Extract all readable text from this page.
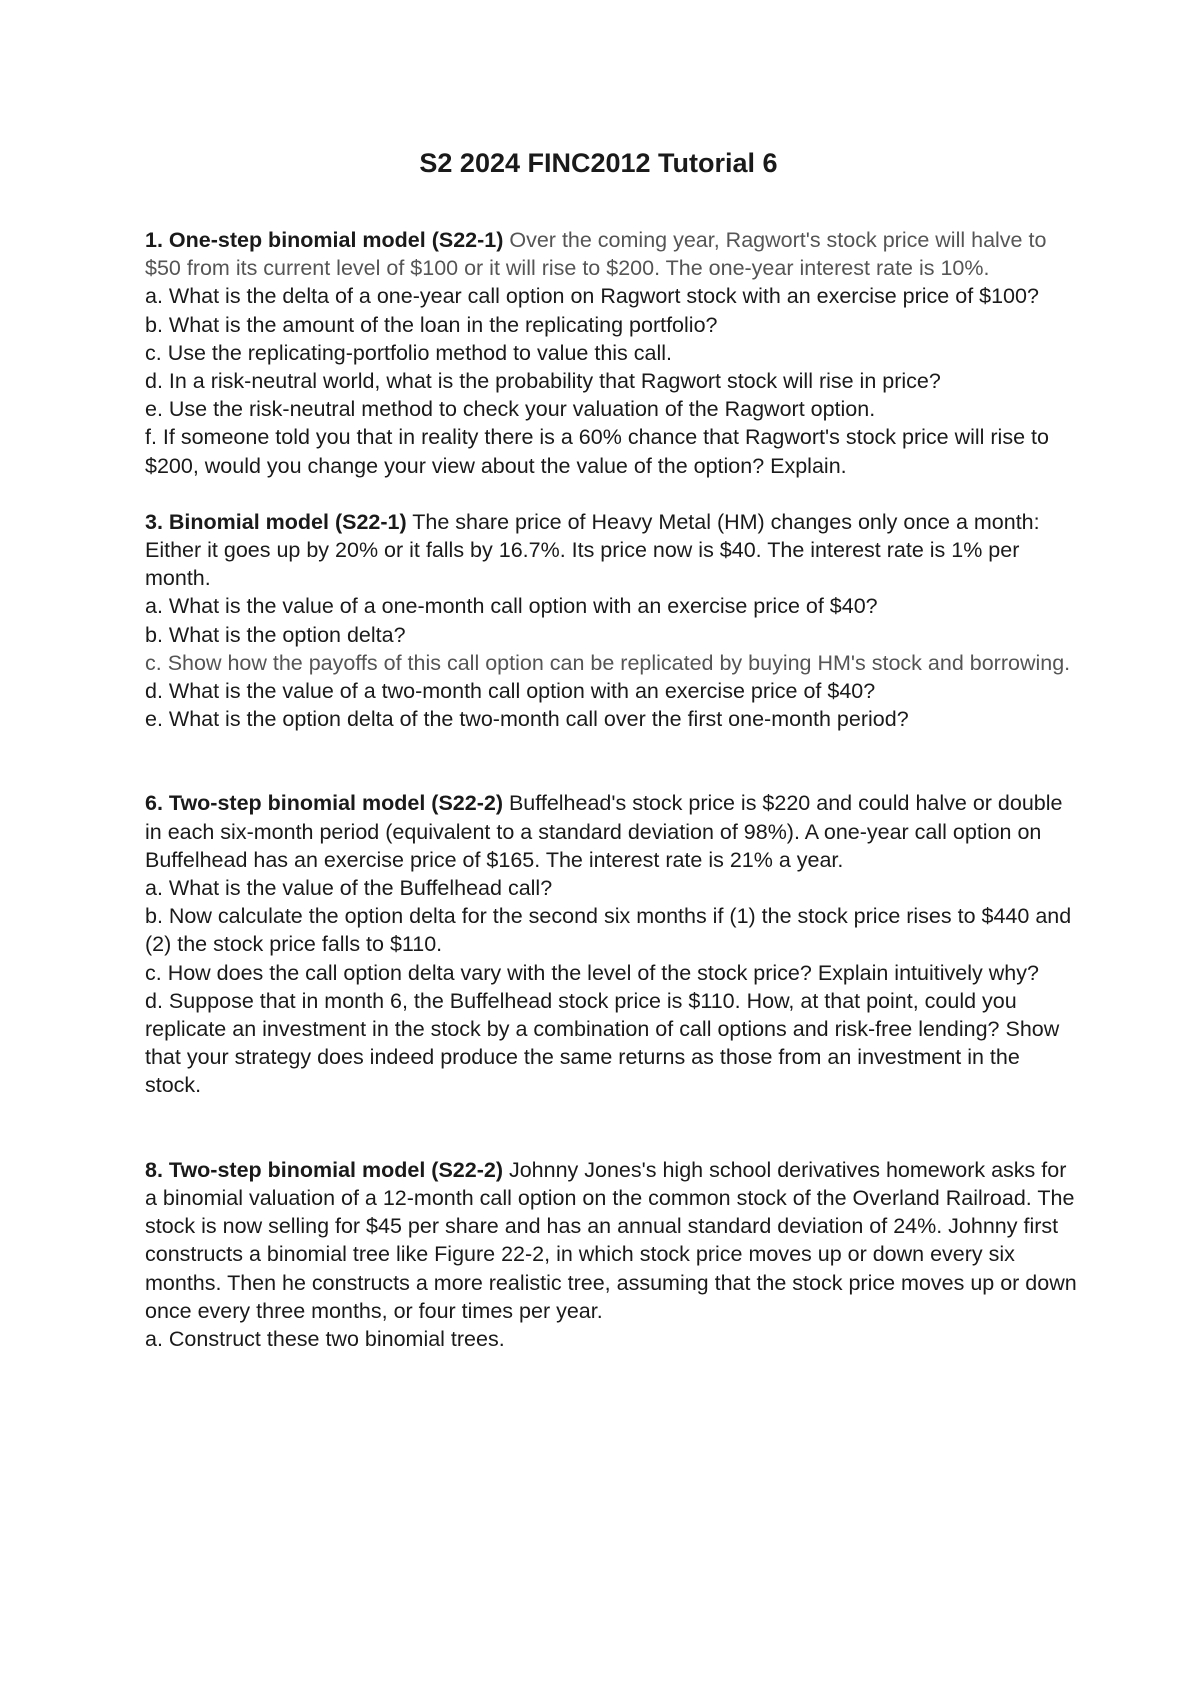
S2 2024 FINC2012 Tutorial 6
1. One-step binomial model (S22-1) Over the coming year, Ragwort's stock price will halve to $50 from its current level of $100 or it will rise to $200. The one-year interest rate is 10%.
a. What is the delta of a one-year call option on Ragwort stock with an exercise price of $100?
b. What is the amount of the loan in the replicating portfolio?
c. Use the replicating-portfolio method to value this call.
d. In a risk-neutral world, what is the probability that Ragwort stock will rise in price?
e. Use the risk-neutral method to check your valuation of the Ragwort option.
f. If someone told you that in reality there is a 60% chance that Ragwort's stock price will rise to $200, would you change your view about the value of the option? Explain.
3. Binomial model (S22-1) The share price of Heavy Metal (HM) changes only once a month: Either it goes up by 20% or it falls by 16.7%. Its price now is $40. The interest rate is 1% per month.
a. What is the value of a one-month call option with an exercise price of $40?
b. What is the option delta?
c. Show how the payoffs of this call option can be replicated by buying HM's stock and borrowing.
d. What is the value of a two-month call option with an exercise price of $40?
e. What is the option delta of the two-month call over the first one-month period?
6. Two-step binomial model (S22-2) Buffelhead's stock price is $220 and could halve or double in each six-month period (equivalent to a standard deviation of 98%). A one-year call option on Buffelhead has an exercise price of $165. The interest rate is 21% a year.
a. What is the value of the Buffelhead call?
b. Now calculate the option delta for the second six months if (1) the stock price rises to $440 and (2) the stock price falls to $110.
c. How does the call option delta vary with the level of the stock price? Explain intuitively why?
d. Suppose that in month 6, the Buffelhead stock price is $110. How, at that point, could you replicate an investment in the stock by a combination of call options and risk-free lending? Show that your strategy does indeed produce the same returns as those from an investment in the stock.
8. Two-step binomial model (S22-2) Johnny Jones's high school derivatives homework asks for a binomial valuation of a 12-month call option on the common stock of the Overland Railroad. The stock is now selling for $45 per share and has an annual standard deviation of 24%. Johnny first constructs a binomial tree like Figure 22-2, in which stock price moves up or down every six months. Then he constructs a more realistic tree, assuming that the stock price moves up or down once every three months, or four times per year.
a. Construct these two binomial trees.
